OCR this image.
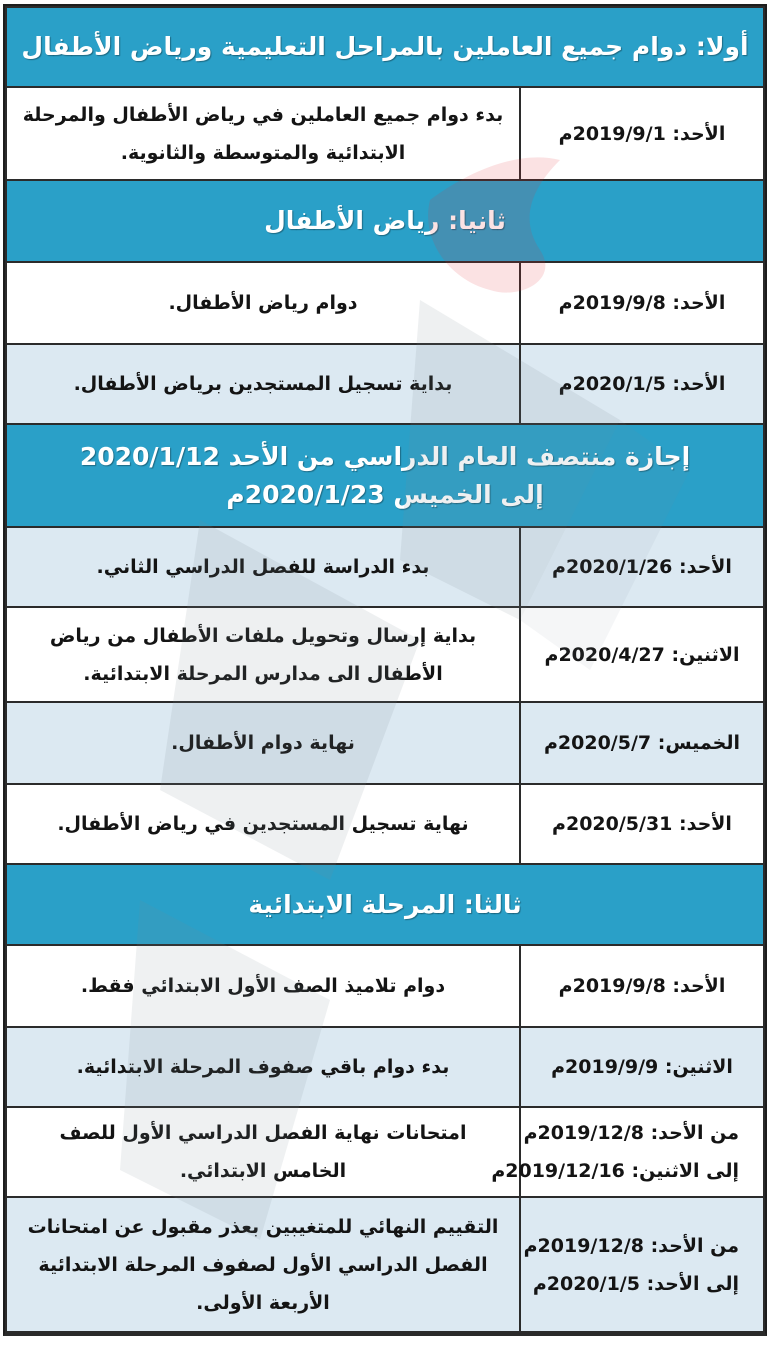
أولا: دوام جميع العاملين بالمراحل التعليمية ورياض الأطفال	
الأحد: 2019/9/1م	بدء دوام جميع العاملين في رياض الأطفال والمرحلة الابتدائية والمتوسطة والثانوية.
ثانيا: رياض الأطفال	
الأحد: 2019/9/8م	دوام رياض الأطفال.
الأحد: 2020/1/5م	بداية تسجيل المستجدين برياض الأطفال.

إجازة منتصف العام الدراسي من الأحد 2020/1/12
إلى الخميس 2020/1/23م	

الأحد: 2020/1/26م	بدء الدراسة للفصل الدراسي الثاني.
الاثنين: 2020/4/27م	بداية إرسال وتحويل ملفات الأطفال من رياض الأطفال الى مدارس المرحلة الابتدائية.
الخميس: 2020/5/7م	نهاية دوام الأطفال.
الأحد: 2020/5/31م	نهاية تسجيل المستجدين في رياض الأطفال.
ثالثا: المرحلة الابتدائية	
الأحد: 2019/9/8م	دوام تلاميذ الصف الأول الابتدائي فقط.
الاثنين: 2019/9/9م	بدء دوام باقي صفوف المرحلة الابتدائية.

من الأحد: 2019/12/8م
إلى الاثنين: 2019/12/16م	امتحانات نهاية الفصل الدراسي الأول للصف الخامس الابتدائي.

من الأحد: 2019/12/8م
إلى الأحد: 2020/1/5م	التقييم النهائي للمتغيبين بعذر مقبول عن امتحانات الفصل الدراسي الأول لصفوف المرحلة الابتدائية الأربعة الأولى.
